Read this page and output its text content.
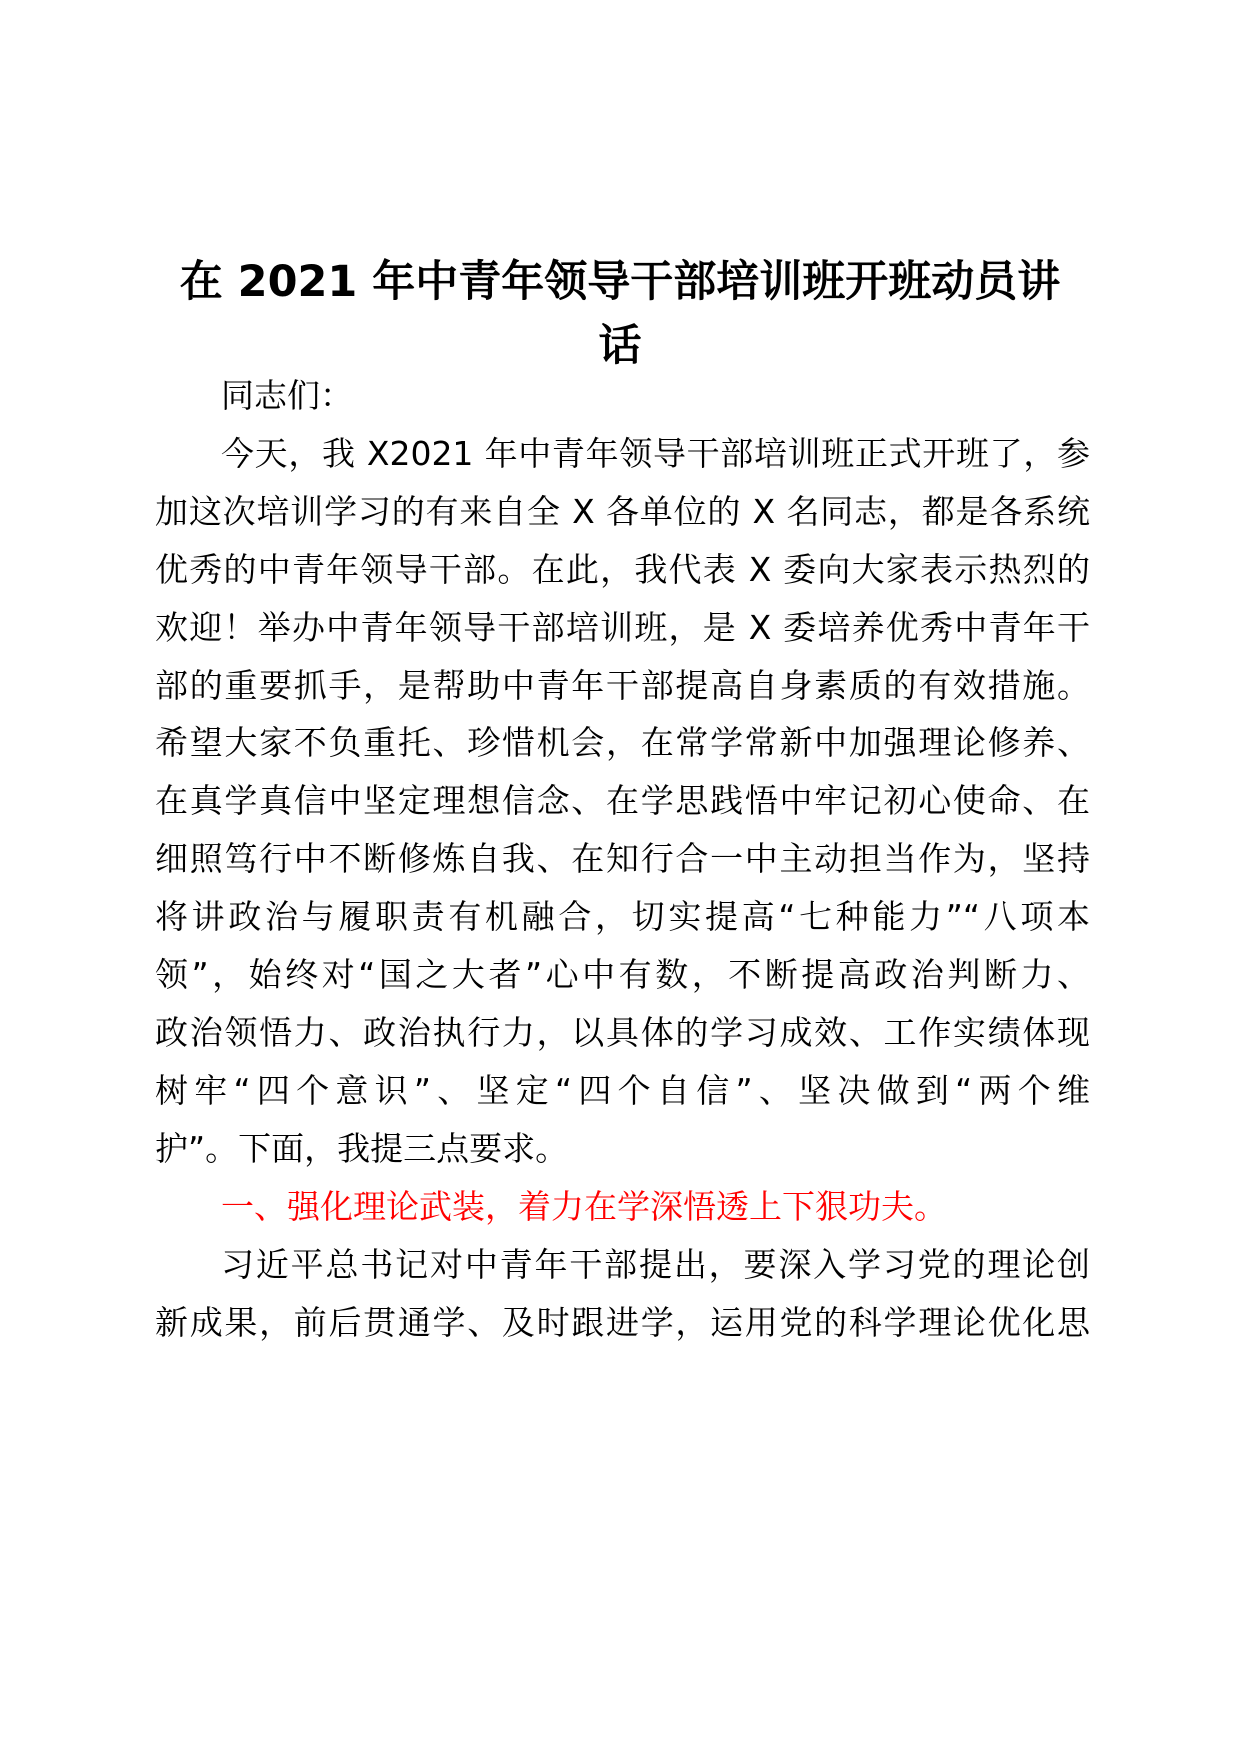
在 2021 年中青年领导干部培训班开班动员讲
话
同志们：
今天，我 X2021 年中青年领导干部培训班正式开班了，参
加这次培训学习的有来自全 X 各单位的 X 名同志，都是各系统
优秀的中青年领导干部。在此，我代表 X 委向大家表示热烈的
欢迎！举办中青年领导干部培训班，是 X 委培养优秀中青年干
部的重要抓手，是帮助中青年干部提高自身素质的有效措施。
希望大家不负重托、珍惜机会，在常学常新中加强理论修养、
在真学真信中坚定理想信念、在学思践悟中牢记初心使命、在
细照笃行中不断修炼自我、在知行合一中主动担当作为，坚持
将讲政治与履职责有机融合，切实提高“七种能力”“八项本
领”，始终对“国之大者”心中有数，不断提高政治判断力、
政治领悟力、政治执行力，以具体的学习成效、工作实绩体现
树牢“四个意识”、坚定“四个自信”、坚决做到“两个维
护”。下面，我提三点要求。
一、强化理论武装，着力在学深悟透上下狠功夫。
习近平总书记对中青年干部提出，要深入学习党的理论创
新成果，前后贯通学、及时跟进学，运用党的科学理论优化思
